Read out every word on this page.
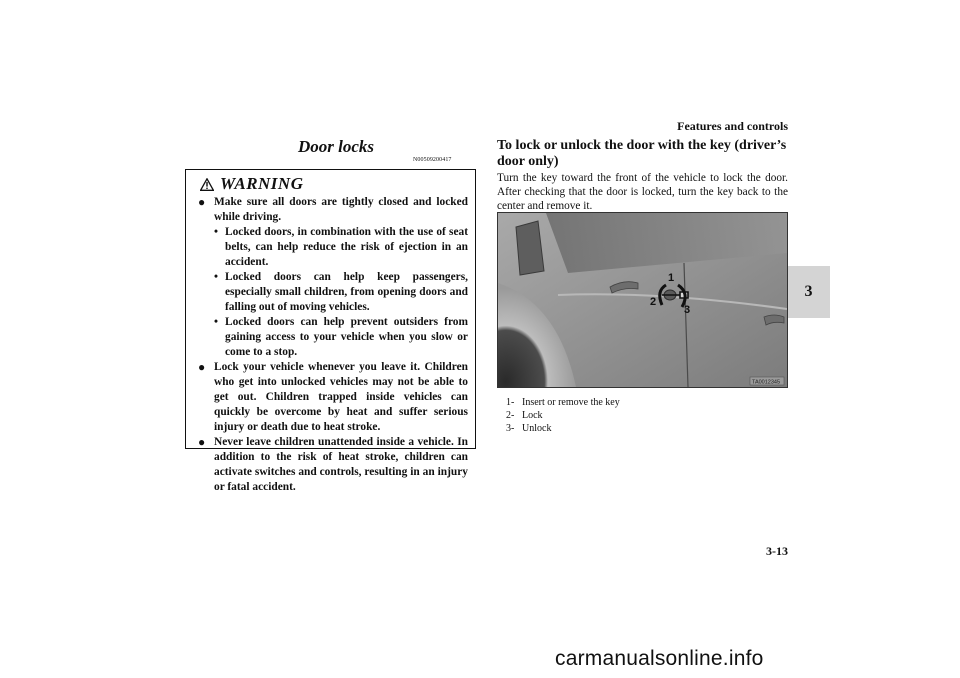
Features and controls
3
Door locks
N00509200417
WARNING
● Make sure all doors are tightly closed and locked while driving.
• Locked doors, in combination with the use of seat belts, can help reduce the risk of ejection in an accident.
• Locked doors can help keep passengers, especially small children, from opening doors and falling out of moving vehicles.
• Locked doors can help prevent outsiders from gaining access to your vehicle when you slow or come to a stop.
● Lock your vehicle whenever you leave it. Children who get into unlocked vehicles may not be able to get out. Children trapped inside vehicles can quickly be overcome by heat and suffer serious injury or death due to heat stroke.
● Never leave children unattended inside a vehicle. In addition to the risk of heat stroke, children can activate switches and controls, resulting in an injury or fatal accident.
To lock or unlock the door with the key (driver’s door only)
Turn the key toward the front of the vehicle to lock the door. After checking that the door is locked, turn the key back to the center and remove it.
1
2
3
TA0012345
1- Insert or remove the key
2- Lock
3- Unlock
3-13
carmanualsonline.info
